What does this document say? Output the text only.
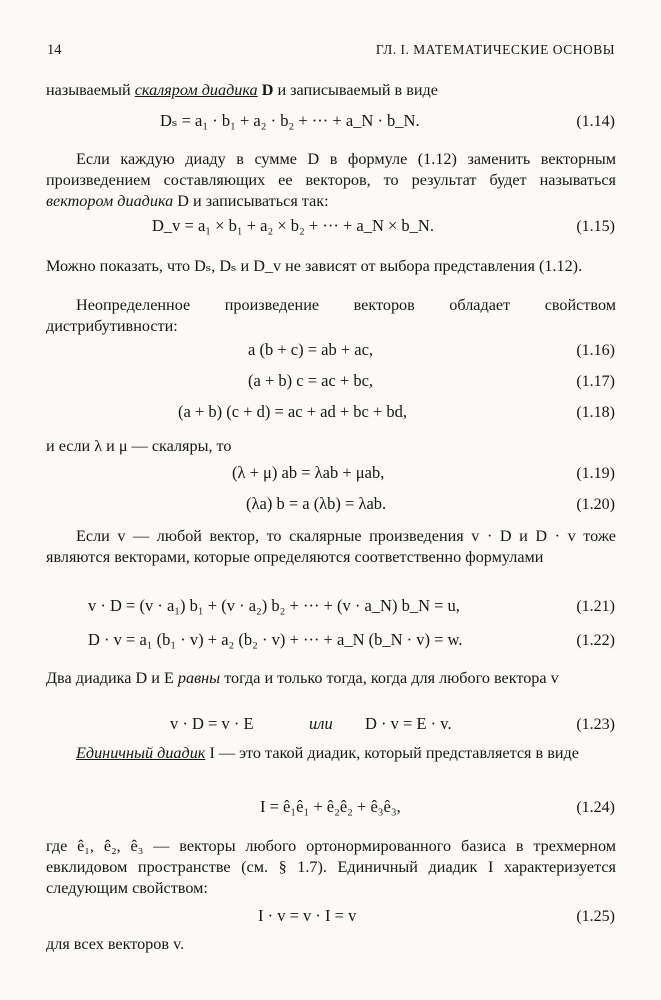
14	ГЛ. I. МАТЕМАТИЧЕСКИЕ ОСНОВЫ
называемый скаляром диадика D и записываемый в виде
Dₛ = a₁ · b₁ + a₂ · b₂ + ··· + a_N · b_N.	(1.14)
Если каждую диаду в сумме D в формуле (1.12) заменить векторным произведением составляющих ее векторов, то результат будет называться вектором диадика D и записываться так:
D_v = a₁ × b₁ + a₂ × b₂ + ··· + a_N × b_N.	(1.15)
Можно показать, что Dₛ, Dₛ и D_v не зависят от выбора представления (1.12).
Неопределенное произведение векторов обладает свойством дистрибутивности:
a (b + c) = ab + ac,	(1.16)
(a + b) c = ac + bc,	(1.17)
(a + b) (c + d) = ac + ad + bc + bd,	(1.18)
и если λ и μ — скаляры, то
(λ + μ) ab = λab + μab,	(1.19)
(λa) b = a (λb) = λab.	(1.20)
Если v — любой вектор, то скалярные произведения v · D и D · v тоже являются векторами, которые определяются соответственно формулами
v · D = (v · a₁) b₁ + (v · a₂) b₂ + ··· + (v · a_N) b_N = u,	(1.21)
D · v = a₁ (b₁ · v) + a₂ (b₂ · v) + ··· + a_N (b_N · v) = w.	(1.22)
Два диадика D и E равны тогда и только тогда, когда для любого вектора v
v · D = v · E	или D · v = E · v.	(1.23)
Единичный диадик I — это такой диадик, который представляется в виде
I = ê₁ê₁ + ê₂ê₂ + ê₃ê₃,	(1.24)
где ê₁, ê₂, ê₃ — векторы любого ортонормированного базиса в трехмерном евклидовом пространстве (см. § 1.7). Единичный диадик I характеризуется следующим свойством:
I · v = v · I = v	(1.25)
для всех векторов v.
